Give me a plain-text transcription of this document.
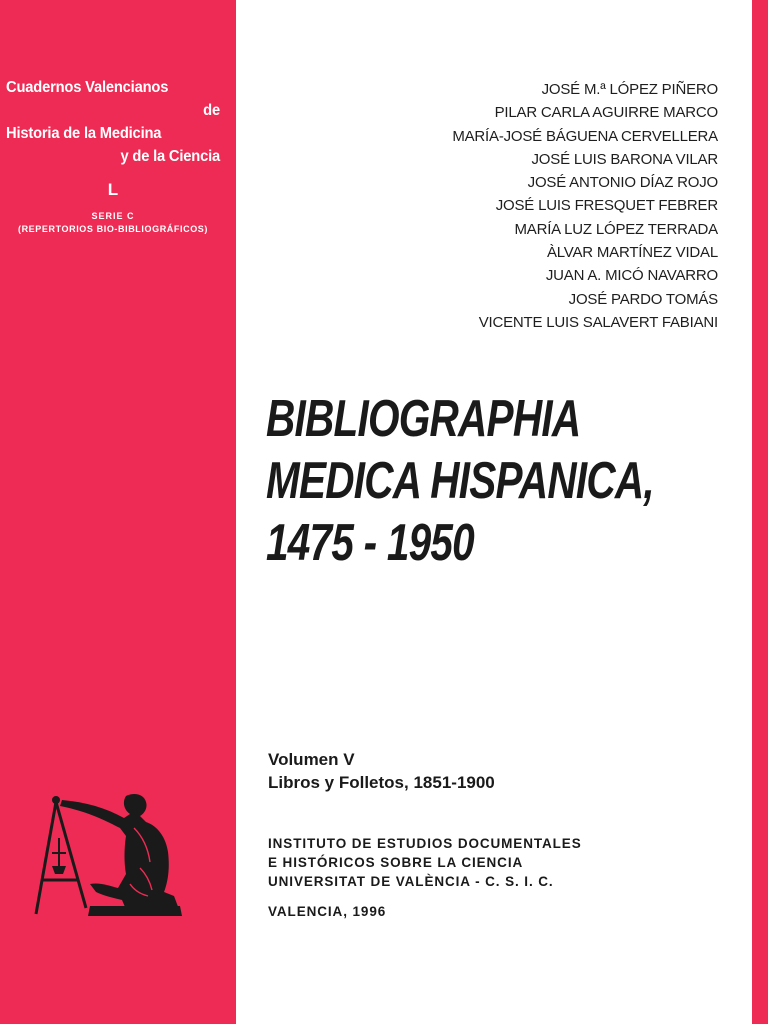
Cuadernos Valencianos
de
Historia de la Medicina
y de la Ciencia
L
SERIE C
(REPERTORIOS BIO-BIBLIOGRÁFICOS)
JOSÉ M.ª LÓPEZ PIÑERO
PILAR CARLA AGUIRRE MARCO
MARÍA-JOSÉ BÁGUENA CERVELLERA
JOSÉ LUIS BARONA VILAR
JOSÉ ANTONIO DÍAZ ROJO
JOSÉ LUIS FRESQUET FEBRER
MARÍA LUZ LÓPEZ TERRADA
ÀLVAR MARTÍNEZ VIDAL
JUAN A. MICÓ NAVARRO
JOSÉ PARDO TOMÁS
VICENTE LUIS SALAVERT FABIANI
BIBLIOGRAPHIA
MEDICA HISPANICA,
1475 - 1950
Volumen V
Libros y Folletos, 1851-1900
INSTITUTO DE ESTUDIOS DOCUMENTALES
E HISTÓRICOS SOBRE LA CIENCIA
UNIVERSITAT DE VALÈNCIA - C. S. I. C.
VALENCIA, 1996
